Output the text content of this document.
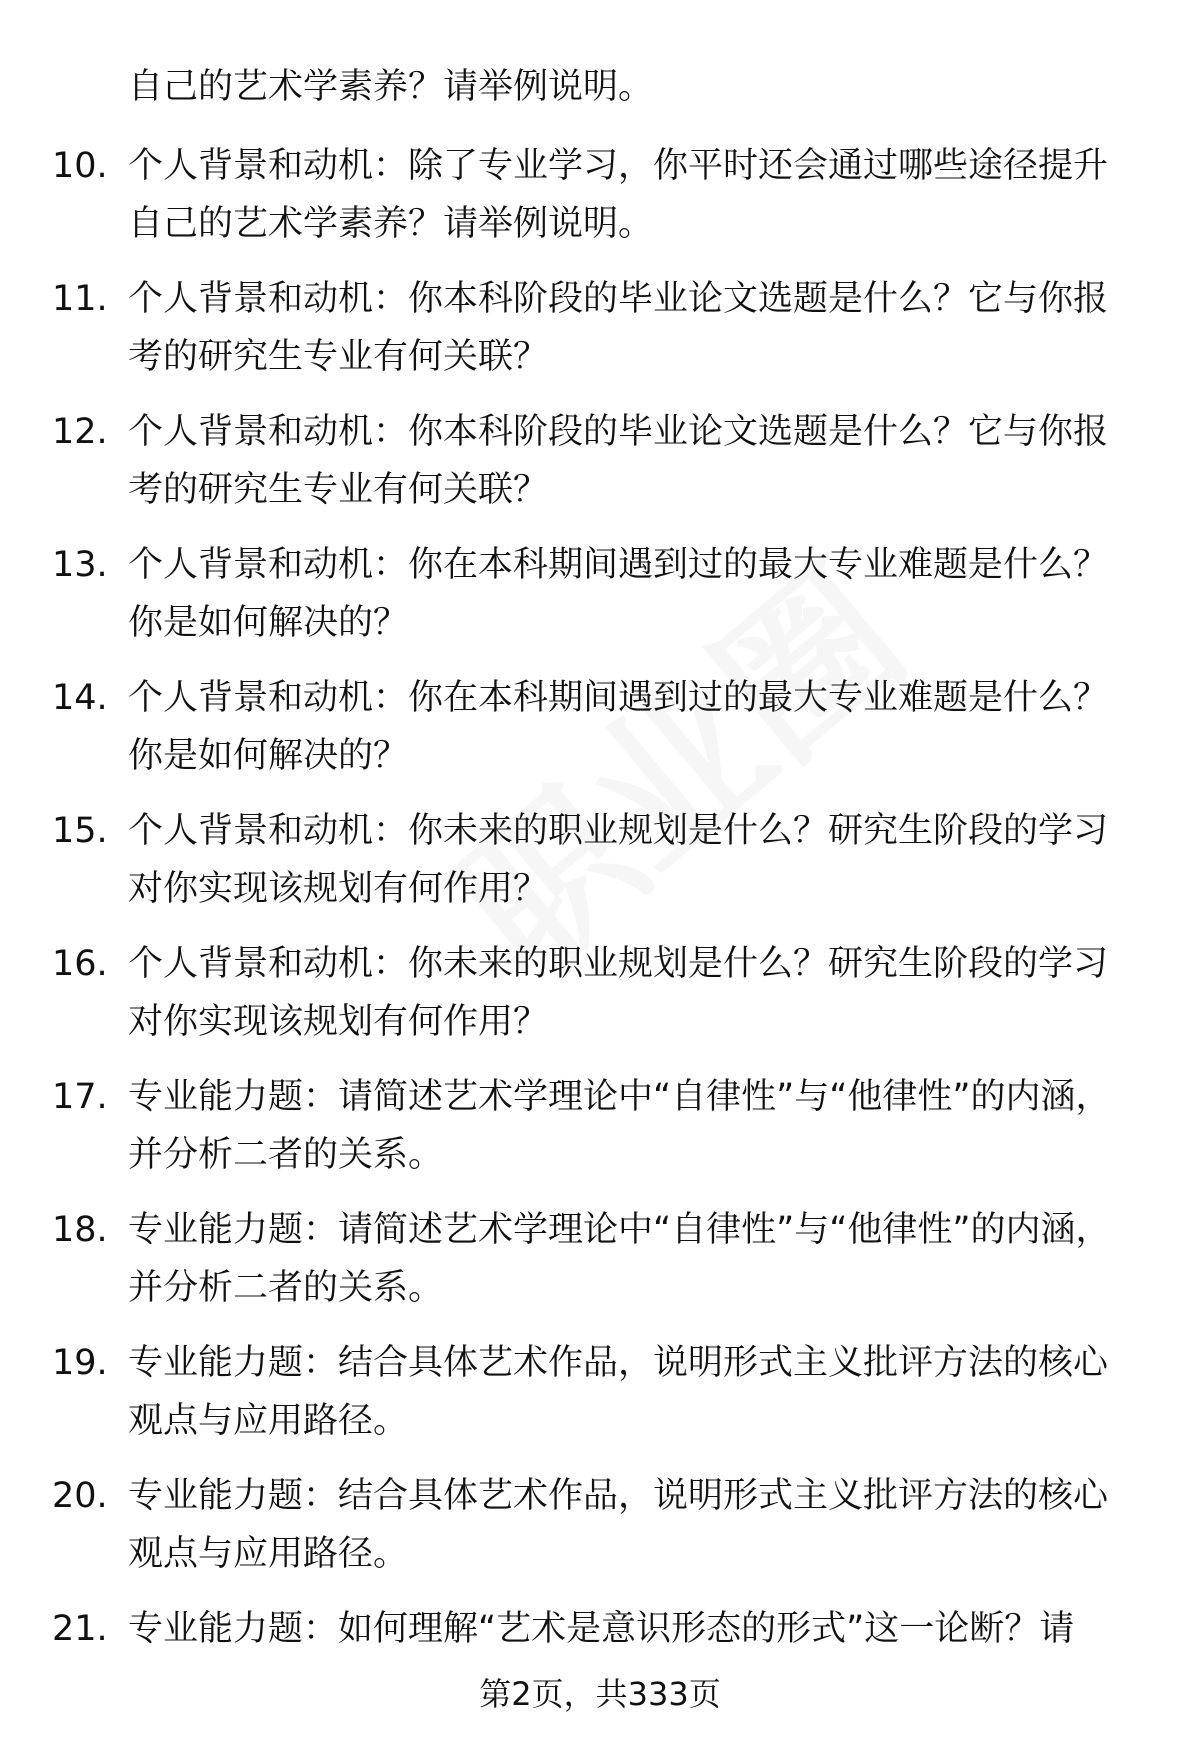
自己的艺术学素养？请举例说明。
10. 个人背景和动机：除了专业学习，你平时还会通过哪些途径提升自己的艺术学素养？请举例说明。
11. 个人背景和动机：你本科阶段的毕业论文选题是什么？它与你报考的研究生专业有何关联？
12. 个人背景和动机：你本科阶段的毕业论文选题是什么？它与你报考的研究生专业有何关联？
13. 个人背景和动机：你在本科期间遇到过的最大专业难题是什么？你是如何解决的？
14. 个人背景和动机：你在本科期间遇到过的最大专业难题是什么？你是如何解决的？
15. 个人背景和动机：你未来的职业规划是什么？研究生阶段的学习对你实现该规划有何作用？
16. 个人背景和动机：你未来的职业规划是什么？研究生阶段的学习对你实现该规划有何作用？
17. 专业能力题：请简述艺术学理论中“自律性”与“他律性”的内涵，并分析二者的关系。
18. 专业能力题：请简述艺术学理论中“自律性”与“他律性”的内涵，并分析二者的关系。
19. 专业能力题：结合具体艺术作品，说明形式主义批评方法的核心观点与应用路径。
20. 专业能力题：结合具体艺术作品，说明形式主义批评方法的核心观点与应用路径。
21. 专业能力题：如何理解“艺术是意识形态的形式”这一论断？请
第2页，共333页
